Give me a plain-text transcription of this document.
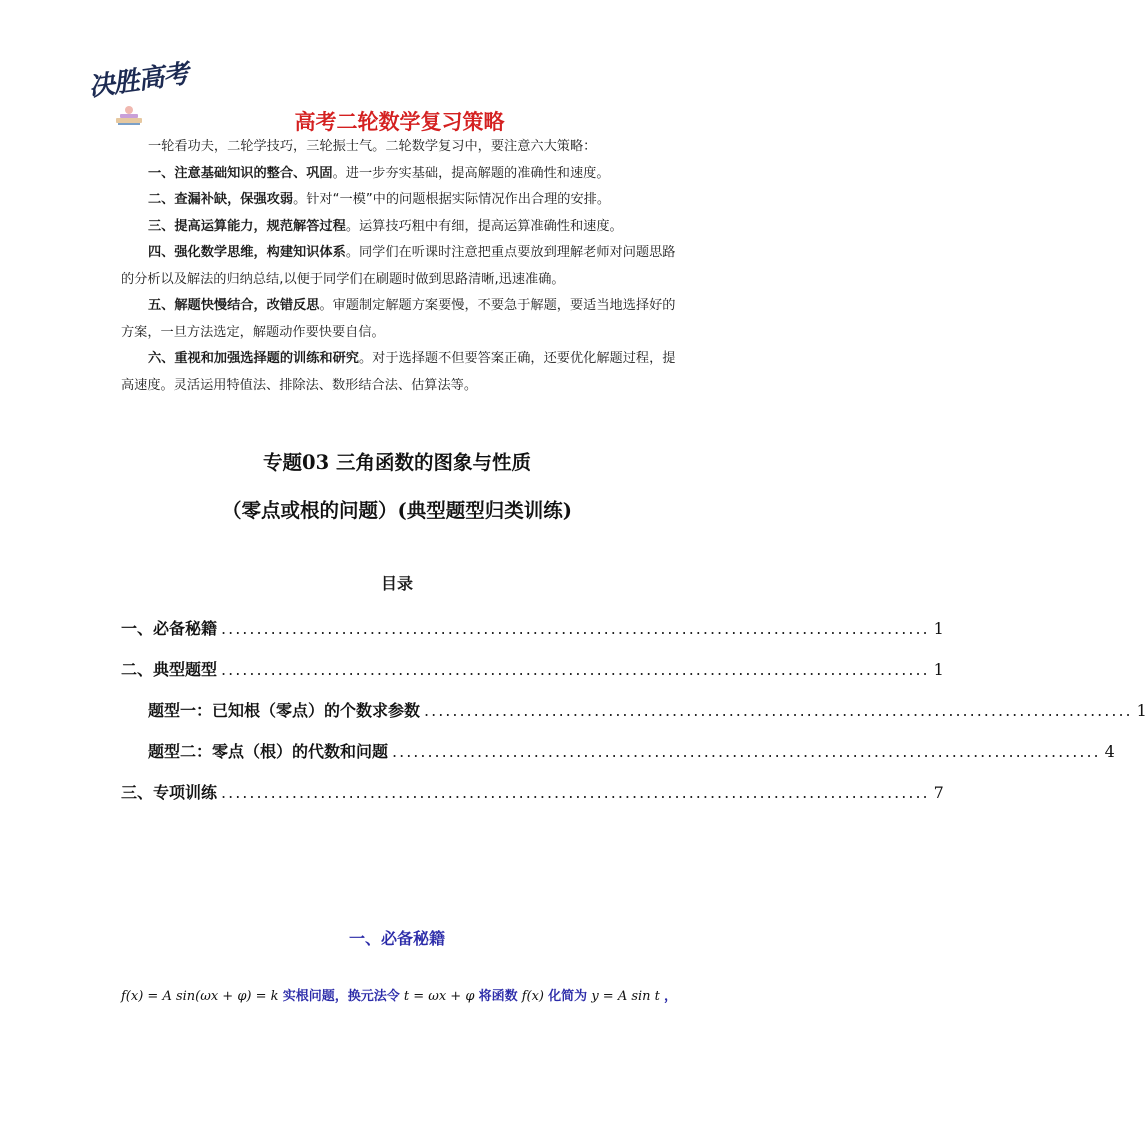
决胜高考
高考二轮数学复习策略

一轮看功夫，二轮学技巧，三轮振士气。二轮数学复习中，要注意六大策略：

一、注意基础知识的整合、巩固。进一步夯实基础，提高解题的准确性和速度。

二、查漏补缺，保强攻弱。针对“一模”中的问题根据实际情况作出合理的安排。

三、提高运算能力，规范解答过程。运算技巧粗中有细，提高运算准确性和速度。

四、强化数学思维，构建知识体系。同学们在听课时注意把重点要放到理解老师对问题思路的分析以及解法的归纳总结,以便于同学们在刷题时做到思路清晰,迅速准确。

五、解题快慢结合，改错反思。审题制定解题方案要慢，不要急于解题，要适当地选择好的方案，一旦方法选定，解题动作要快要自信。

六、重视和加强选择题的训练和研究。对于选择题不但要答案正确，还要优化解题过程，提高速度。灵活运用特值法、排除法、数形结合法、估算法等。

专题03 三角函数的图象与性质
（零点或根的问题）(典型题型归类训练)
目录
一、必备秘籍 .................................................................................................... 1
二、典型题型 .................................................................................................... 1
题型一：已知根（零点）的个数求参数 .................................................................................................... 1
题型二：零点（根）的代数和问题 .................................................................................................... 4
三、专项训练 .................................................................................................... 7
一、必备秘籍
f(x) = A sin(ωx + φ) = k 实根问题，换元法令 t = ωx + φ 将函数 f(x) 化简为 y = A sin t ，
